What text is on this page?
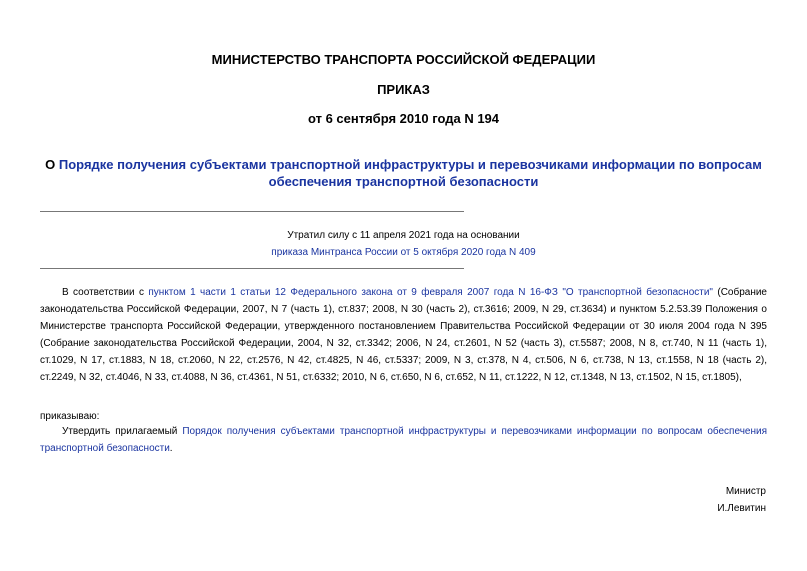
МИНИСТЕРСТВО ТРАНСПОРТА РОССИЙСКОЙ ФЕДЕРАЦИИ
ПРИКАЗ
от 6 сентября 2010 года N 194
О Порядке получения субъектами транспортной инфраструктуры и перевозчиками информации по вопросам обеспечения транспортной безопасности
Утратил силу с 11 апреля 2021 года на основании
приказа Минтранса России от 5 октября 2020 года N 409
В соответствии с пунктом 1 части 1 статьи 12 Федерального закона от 9 февраля 2007 года N 16-ФЗ "О транспортной безопасности" (Собрание законодательства Российской Федерации, 2007, N 7 (часть 1), ст.837; 2008, N 30 (часть 2), ст.3616; 2009, N 29, ст.3634) и пунктом 5.2.53.39 Положения о Министерстве транспорта Российской Федерации, утвержденного постановлением Правительства Российской Федерации от 30 июля 2004 года N 395 (Собрание законодательства Российской Федерации, 2004, N 32, ст.3342; 2006, N 24, ст.2601, N 52 (часть 3), ст.5587; 2008, N 8, ст.740, N 11 (часть 1), ст.1029, N 17, ст.1883, N 18, ст.2060, N 22, ст.2576, N 42, ст.4825, N 46, ст.5337; 2009, N 3, ст.378, N 4, ст.506, N 6, ст.738, N 13, ст.1558, N 18 (часть 2), ст.2249, N 32, ст.4046, N 33, ст.4088, N 36, ст.4361, N 51, ст.6332; 2010, N 6, ст.650, N 6, ст.652, N 11, ст.1222, N 12, ст.1348, N 13, ст.1502, N 15, ст.1805),
приказываю:
Утвердить прилагаемый Порядок получения субъектами транспортной инфраструктуры и перевозчиками информации по вопросам обеспечения транспортной безопасности.
Министр
И.Левитин
